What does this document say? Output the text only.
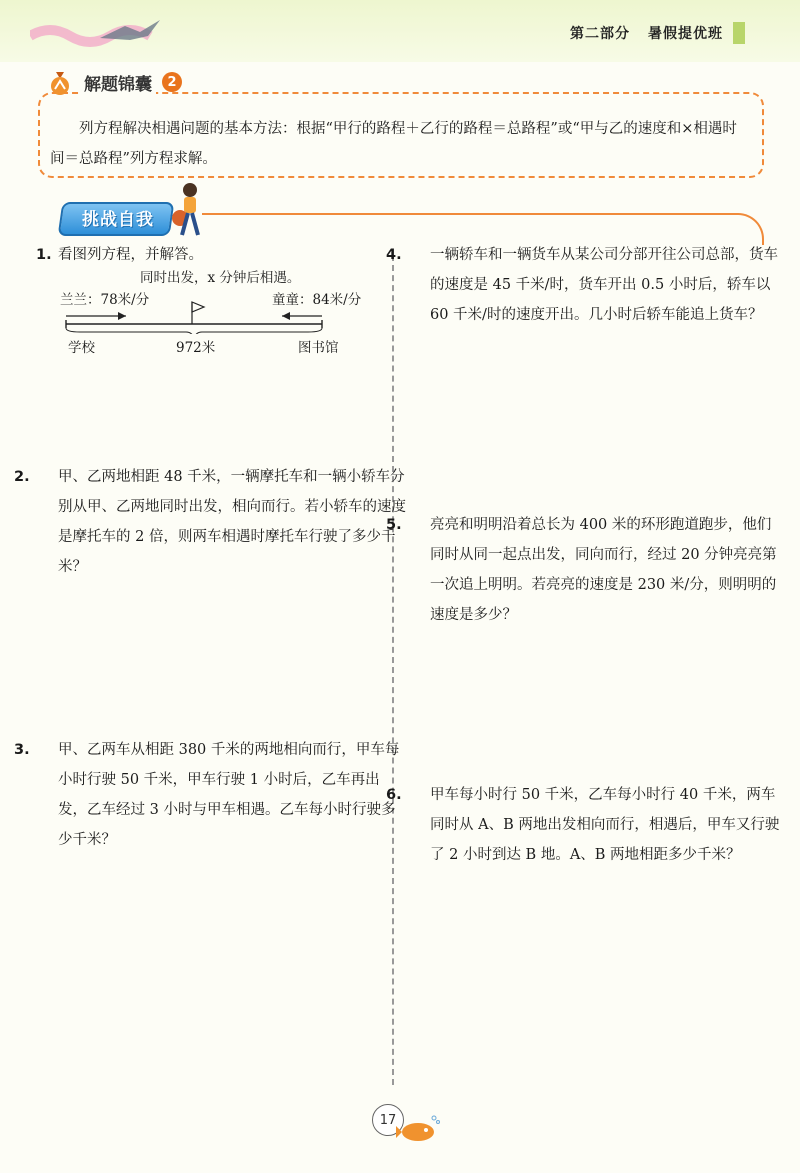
第二部分 暑假提优班
解题锦囊	2
列方程解决相遇问题的基本方法：根据“甲行的路程＋乙行的路程＝总路程”或“甲与乙的速度和×相遇时间＝总路程”列方程求解。
挑战自我
1. 看图列方程，并解答。
同时出发，x 分钟后相遇。
兰兰：78米/分	童童：84米/分
学校	972米	图书馆
2. 甲、乙两地相距 48 千米，一辆摩托车和一辆小轿车分别从甲、乙两地同时出发，相向而行。若小轿车的速度是摩托车的 2 倍，则两车相遇时摩托车行驶了多少千米？
3. 甲、乙两车从相距 380 千米的两地相向而行，甲车每小时行驶 50 千米，甲车行驶 1 小时后，乙车再出发，乙车经过 3 小时与甲车相遇。乙车每小时行驶多少千米？
4. 一辆轿车和一辆货车从某公司分部开往公司总部，货车的速度是 45 千米/时，货车开出 0.5 小时后，轿车以 60 千米/时的速度开出。几小时后轿车能追上货车？
5. 亮亮和明明沿着总长为 400 米的环形跑道跑步，他们同时从同一起点出发，同向而行，经过 20 分钟亮亮第一次追上明明。若亮亮的速度是 230 米/分，则明明的速度是多少？
6. 甲车每小时行 50 千米，乙车每小时行 40 千米，两车同时从 A、B 两地出发相向而行，相遇后，甲车又行驶了 2 小时到达 B 地。A、B 两地相距多少千米？
17
